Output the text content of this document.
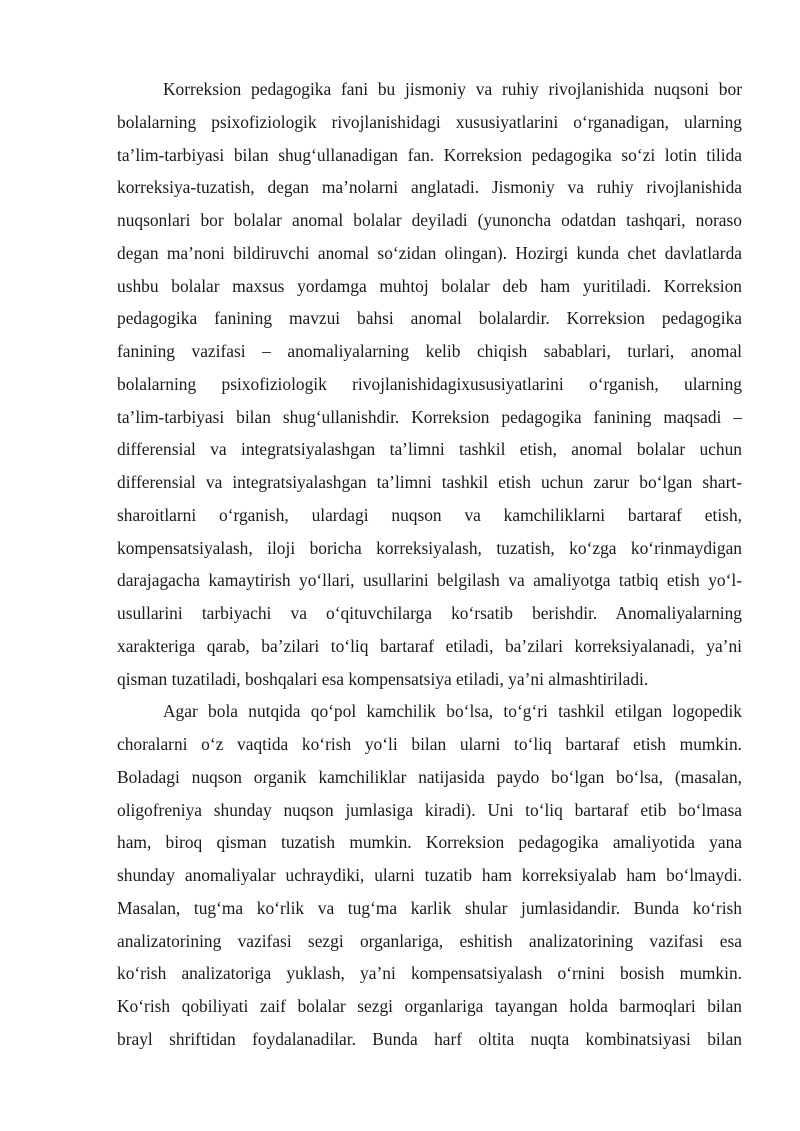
Korreksion pedagogika fani bu jismoniy va ruhiy rivojlanishida nuqsoni bor
bolalarning psixofiziologik rivojlanishidagi xususiyatlarini o‘rganadigan, ularning
ta’lim-tarbiyasi bilan shug‘ullanadigan fan. Korreksion pedagogika so‘zi lotin tilida
korreksiya-tuzatish, degan ma’nolarni anglatadi. Jismoniy va ruhiy rivojlanishida
nuqsonlari bor bolalar anomal bolalar deyiladi (yunoncha odatdan tashqari, noraso
degan ma’noni bildiruvchi anomal so‘zidan olingan). Hozirgi kunda chet davlatlarda
ushbu bolalar maxsus yordamga muhtoj bolalar deb ham yuritiladi. Korreksion
pedagogika fanining mavzui bahsi anomal bolalardir. Korreksion pedagogika
fanining vazifasi – anomaliyalarning kelib chiqish sabablari, turlari, anomal
bolalarning psixofiziologik rivojlanishidagixususiyatlarini o‘rganish, ularning
ta’lim-tarbiyasi bilan shug‘ullanishdir. Korreksion pedagogika fanining maqsadi –
differensial va integratsiyalashgan ta’limni tashkil etish, anomal bolalar uchun
differensial va integratsiyalashgan ta’limni tashkil etish uchun zarur bo‘lgan shart-
sharoitlarni o‘rganish, ulardagi nuqson va kamchiliklarni bartaraf etish,
kompensatsiyalash, iloji boricha korreksiyalash, tuzatish, ko‘zga ko‘rinmaydigan
darajagacha kamaytirish yo‘llari, usullarini belgilash va amaliyotga tatbiq etish yo‘l-
usullarini tarbiyachi va o‘qituvchilarga ko‘rsatib berishdir. Anomaliyalarning
xarakteriga qarab, ba’zilari to‘liq bartaraf etiladi, ba’zilari korreksiyalanadi, ya’ni
qisman tuzatiladi, boshqalari esa kompensatsiya etiladi, ya’ni almashtiriladi.
Agar bola nutqida qo‘pol kamchilik bo‘lsa, to‘g‘ri tashkil etilgan logopedik
choralarni o‘z vaqtida ko‘rish yo‘li bilan ularni to‘liq bartaraf etish mumkin.
Boladagi nuqson organik kamchiliklar natijasida paydo bo‘lgan bo‘lsa, (masalan,
oligofreniya shunday nuqson jumlasiga kiradi). Uni to‘liq bartaraf etib bo‘lmasa
ham, biroq qisman tuzatish mumkin. Korreksion pedagogika amaliyotida yana
shunday anomaliyalar uchraydiki, ularni tuzatib ham korreksiyalab ham bo‘lmaydi.
Masalan, tug‘ma ko‘rlik va tug‘ma karlik shular jumlasidandir. Bunda ko‘rish
analizatorining vazifasi sezgi organlariga, eshitish analizatorining vazifasi esa
ko‘rish analizatoriga yuklash, ya’ni kompensatsiyalash o‘rnini bosish mumkin.
Ko‘rish qobiliyati zaif bolalar sezgi organlariga tayangan holda barmoqlari bilan
brayl shriftidan foydalanadilar. Bunda harf oltita nuqta kombinatsiyasi bilan
